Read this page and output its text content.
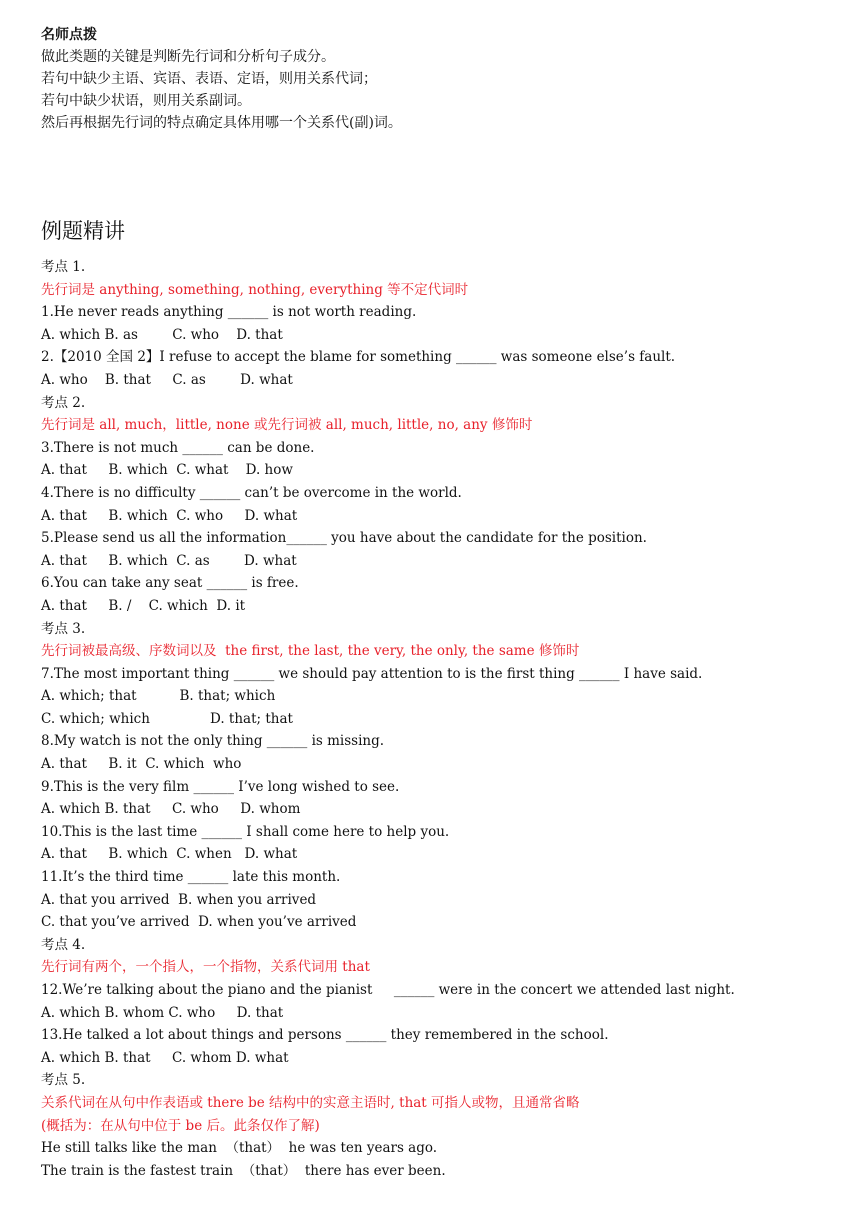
名师点拨
做此类题的关键是判断先行词和分析句子成分。
若句中缺少主语、宾语、表语、定语，则用关系代词；
若句中缺少状语，则用关系副词。
然后再根据先行词的特点确定具体用哪一个关系代(副)词。
例题精讲
考点 1.
先行词是 anything, something, nothing, everything 等不定代词时
1.He never reads anything ______ is not worth reading.
A. which B. as        C. who    D. that
2.【2010 全国 2】I refuse to accept the blame for something ______ was someone else’s fault.
A. who    B. that     C. as        D. what
考点 2.
先行词是 all, much，little, none 或先行词被 all, much, little, no, any 修饰时
3.There is not much ______ can be done.
A. that     B. which  C. what    D. how
4.There is no difficulty ______ can’t be overcome in the world.
A. that     B. which  C. who     D. what
5.Please send us all the information______ you have about the candidate for the position.
A. that     B. which  C. as        D. what
6.You can take any seat ______ is free.
A. that     B. /    C. which  D. it
考点 3.
先行词被最高级、序数词以及  the first, the last, the very, the only, the same 修饰时
7.The most important thing ______ we should pay attention to is the first thing ______ I have said.
A. which; that          B. that; which
C. which; which              D. that; that
8.My watch is not the only thing ______ is missing.
A. that     B. it  C. which  who
9.This is the very film ______ I’ve long wished to see.
A. which B. that     C. who     D. whom
10.This is the last time ______ I shall come here to help you.
A. that     B. which  C. when   D. what
11.It’s the third time ______ late this month.
A. that you arrived  B. when you arrived
C. that you’ve arrived  D. when you’ve arrived
考点 4.
先行词有两个，一个指人，一个指物，关系代词用 that
12.We’re talking about the piano and the pianist     ______ were in the concert we attended last night.
A. which B. whom C. who     D. that
13.He talked a lot about things and persons ______ they remembered in the school.
A. which B. that     C. whom D. what
考点 5.
关系代词在从句中作表语或 there be 结构中的实意主语时, that 可指人或物，且通常省略
(概括为：在从句中位于 be 后。此条仅作了解)
He still talks like the man  （that）  he was ten years ago.
The train is the fastest train  （that）  there has ever been.
